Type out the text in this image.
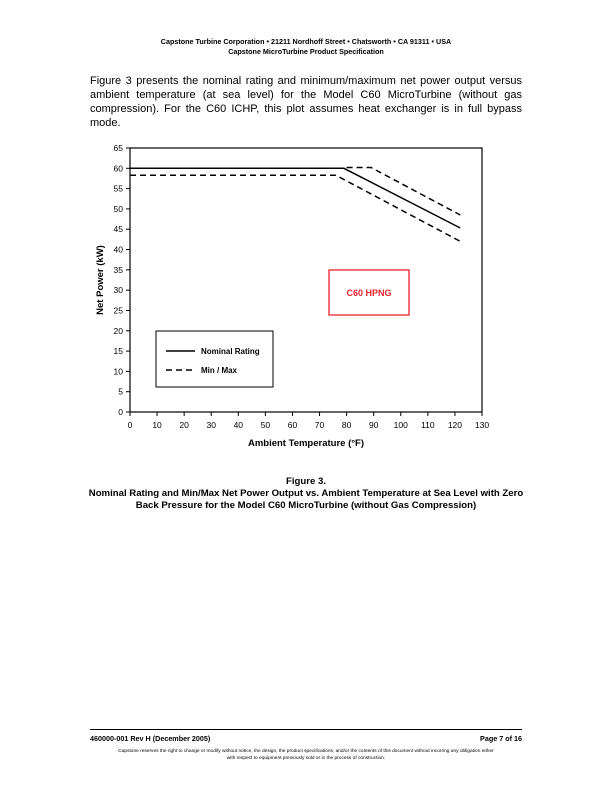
Capstone Turbine Corporation • 21211 Nordhoff Street • Chatsworth • CA 91311 • USA
Capstone MicroTurbine Product Specification

Figure 3 presents the nominal rating and minimum/maximum net power output versus ambient temperature (at sea level) for the Model C60 MicroTurbine (without gas compression). For the C60 ICHP, this plot assumes heat exchanger is in full bypass mode.

0
5
10
15
20
25
30
35
40
45
50
55
60
65
0 10 20 30 40 50 60 70 80 90 100 110 120 130
Ambient Temperature (°F)
Net Power (kW)	C60 HPNG
Nominal Rating
Min / Max
Figure 3.
Nominal Rating and Min/Max Net Power Output vs. Ambient Temperature at Sea Level with Zero
Back Pressure for the Model C60 MicroTurbine (without Gas Compression)
460000-001 Rev H (December 2005)	Page 7 of 16
Capstone reserves the right to change or modify without notice, the design, the product specifications, and/or the contents of this document without incurring any obligation either
with respect to equipment previously sold or in the process of construction.
